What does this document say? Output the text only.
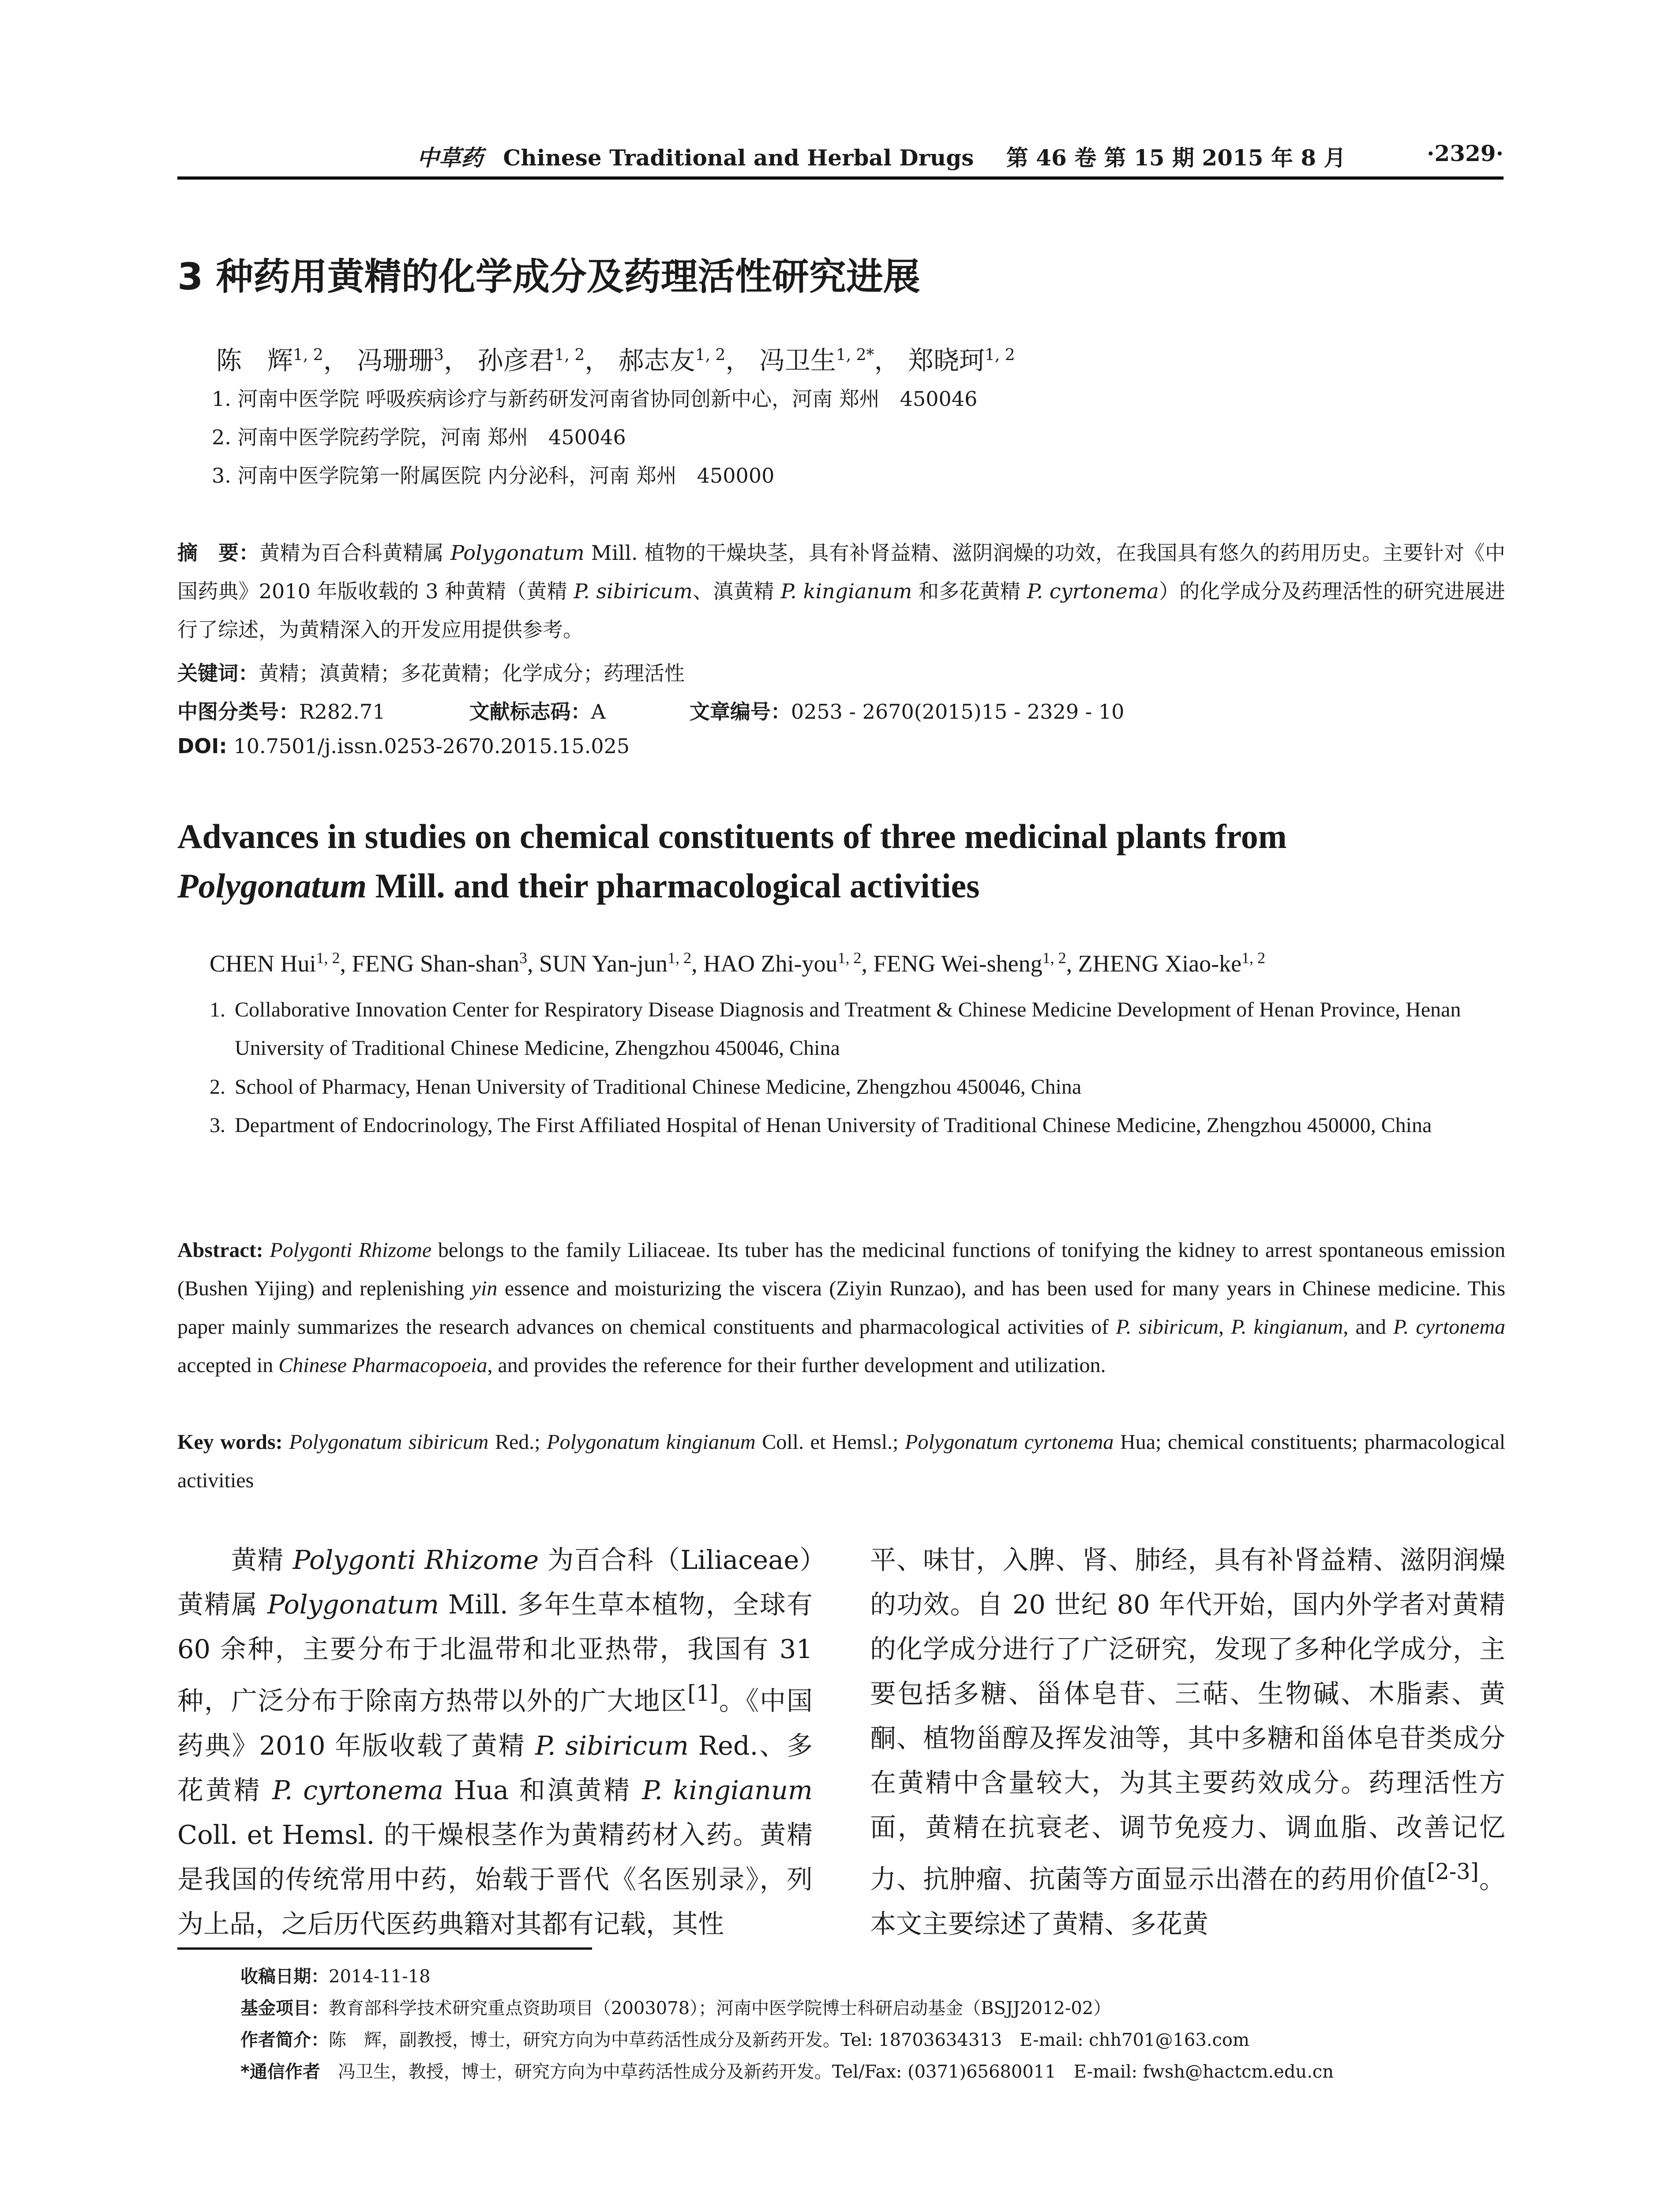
中草药 Chinese Traditional and Herbal Drugs 第 46 卷 第 15 期 2015 年 8 月	·2329·
3 种药用黄精的化学成分及药理活性研究进展
陈　辉$^{1, 2}$， 冯珊珊$^3$， 孙彦君$^{1, 2}$， 郝志友$^{1, 2}$， 冯卫生$^{1, 2*}$， 郑晓珂$^{1, 2}$
1. 河南中医学院 呼吸疾病诊疗与新药研发河南省协同创新中心，河南 郑州　450046
2. 河南中医学院药学院，河南 郑州　450046
3. 河南中医学院第一附属医院 内分泌科，河南 郑州　450000
摘　要：黄精为百合科黄精属 Polygonatum Mill. 植物的干燥块茎，具有补肾益精、滋阴润燥的功效，在我国具有悠久的药用历史。主要针对《中国药典》2010 年版收载的 3 种黄精（黄精 P. sibiricum、滇黄精 P. kingianum 和多花黄精 P. cyrtonema）的化学成分及药理活性的研究进展进行了综述，为黄精深入的开发应用提供参考。
关键词：黄精；滇黄精；多花黄精；化学成分；药理活性
中图分类号：R282.71	文献标志码：A	文章编号：0253 - 2670(2015)15 - 2329 - 10
DOI: 10.7501/j.issn.0253-2670.2015.15.025
Advances in studies on chemical constituents of three medicinal plants from
Polygonatum Mill. and their pharmacological activities
CHEN Hui$^{1, 2}$, FENG Shan-shan$^3$, SUN Yan-jun$^{1, 2}$, HAO Zhi-you$^{1, 2}$, FENG Wei-sheng$^{1, 2}$, ZHENG Xiao-ke$^{1, 2}$
1. Collaborative Innovation Center for Respiratory Disease Diagnosis and Treatment & Chinese Medicine Development of Henan Province, Henan University of Traditional Chinese Medicine, Zhengzhou 450046, China
2. School of Pharmacy, Henan University of Traditional Chinese Medicine, Zhengzhou 450046, China
3. Department of Endocrinology, The First Affiliated Hospital of Henan University of Traditional Chinese Medicine, Zhengzhou 450000, China
Abstract: Polygonti Rhizome belongs to the family Liliaceae. Its tuber has the medicinal functions of tonifying the kidney to arrest spontaneous emission (Bushen Yijing) and replenishing yin essence and moisturizing the viscera (Ziyin Runzao), and has been used for many years in Chinese medicine. This paper mainly summarizes the research advances on chemical constituents and pharmacological activities of P. sibiricum, P. kingianum, and P. cyrtonema accepted in Chinese Pharmacopoeia, and provides the reference for their further development and utilization.
Key words: Polygonatum sibiricum Red.; Polygonatum kingianum Coll. et Hemsl.; Polygonatum cyrtonema Hua; chemical constituents; pharmacological activities
黄精 Polygonti Rhizome 为百合科（Liliaceae）黄精属 Polygonatum Mill. 多年生草本植物，全球有 60 余种，主要分布于北温带和北亚热带，我国有 31 种，广泛分布于除南方热带以外的广大地区[1]。《中国药典》2010 年版收载了黄精 P. sibiricum Red.、多花黄精 P. cyrtonema Hua 和滇黄精 P. kingianum Coll. et Hemsl. 的干燥根茎作为黄精药材入药。黄精是我国的传统常用中药，始载于晋代《名医别录》，列为上品，之后历代医药典籍对其都有记载，其性
平、味甘，入脾、肾、肺经，具有补肾益精、滋阴润燥的功效。自 20 世纪 80 年代开始，国内外学者对黄精的化学成分进行了广泛研究，发现了多种化学成分，主要包括多糖、甾体皂苷、三萜、生物碱、木脂素、黄酮、植物甾醇及挥发油等，其中多糖和甾体皂苷类成分在黄精中含量较大，为其主要药效成分。药理活性方面，黄精在抗衰老、调节免疫力、调血脂、改善记忆力、抗肿瘤、抗菌等方面显示出潜在的药用价值[2-3]。本文主要综述了黄精、多花黄
收稿日期：2014-11-18
基金项目：教育部科学技术研究重点资助项目（2003078）；河南中医学院博士科研启动基金（BSJJ2012-02）
作者简介：陈　辉，副教授，博士，研究方向为中草药活性成分及新药开发。Tel: 18703634313　E-mail: chh701@163.com
*通信作者　冯卫生，教授，博士，研究方向为中草药活性成分及新药开发。Tel/Fax: (0371)65680011　E-mail: fwsh@hactcm.edu.cn
